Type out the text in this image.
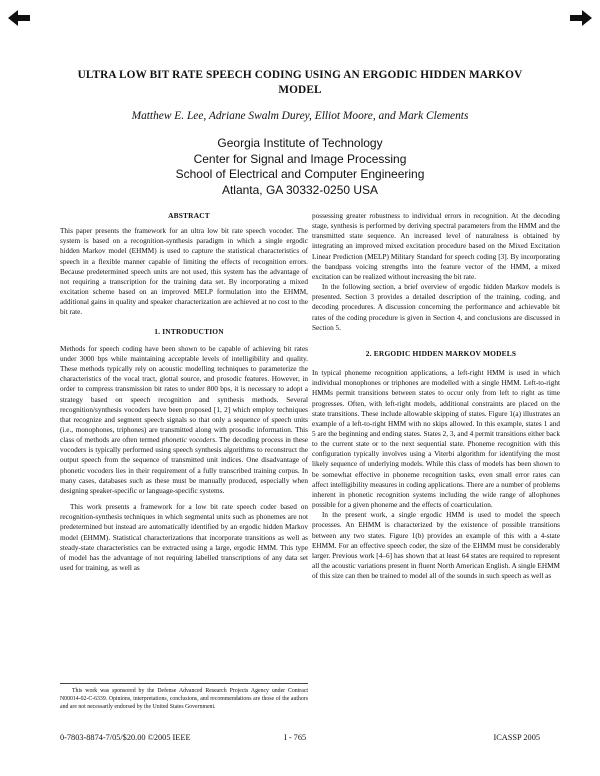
ULTRA LOW BIT RATE SPEECH CODING USING AN ERGODIC HIDDEN MARKOV
MODEL
Matthew E. Lee, Adriane Swalm Durey, Elliot Moore, and Mark Clements
Georgia Institute of Technology
Center for Signal and Image Processing
School of Electrical and Computer Engineering
Atlanta, GA 30332-0250 USA

ABSTRACT

This paper presents the framework for an ultra low bit rate speech vocoder. The system is based on a recognition-synthesis paradigm in which a single ergodic hidden Markov model (EHMM) is used to capture the statistical characteristics of speech in a flexible manner capable of limiting the effects of recognition errors. Because predetermined speech units are not used, this system has the advantage of not requiring a transcription for the training data set. By incorporating a mixed excitation scheme based on an improved MELP formulation into the EHMM, additional gains in quality and speaker characterization are achieved at no cost to the bit rate.

1. INTRODUCTION

Methods for speech coding have been shown to be capable of achieving bit rates under 3000 bps while maintaining acceptable levels of intelligibility and quality. These methods typically rely on acoustic modelling techniques to parameterize the characteristics of the vocal tract, glottal source, and prosodic features. However, in order to compress transmission bit rates to under 800 bps, it is necessary to adopt a strategy based on speech recognition and synthesis methods. Several recognition/synthesis vocoders have been proposed [1, 2] which employ techniques that recognize and segment speech signals so that only a sequence of speech units (i.e., monophones, triphones) are transmitted along with prosodic information. This class of methods are often termed phonetic vocoders. The decoding process in these vocoders is typically performed using speech synthesis algorithms to reconstruct the output speech from the sequence of transmitted unit indices. One disadvantage of phonetic vocoders lies in their requirement of a fully transcribed training corpus. In many cases, databases such as these must be manually produced, especially when designing speaker-specific or language-specific systems.

This work presents a framework for a low bit rate speech coder based on recognition-synthesis techniques in which segmental units such as phonemes are not predetermined but instead are automatically identified by an ergodic hidden Markov model (EHMM). Statistical characterizations that incorporate transitions as well as steady-state characteristics can be extracted using a large, ergodic HMM. This type of model has the advantage of not requiring labelled transcriptions of any data set used for training, as well as

possessing greater robustness to individual errors in recognition. At the decoding stage, synthesis is performed by deriving spectral parameters from the HMM and the transmitted state sequence. An increased level of naturalness is obtained by integrating an improved mixed excitation procedure based on the Mixed Excitation Linear Prediction (MELP) Military Standard for speech coding [3]. By incorporating the bandpass voicing strengths into the feature vector of the HMM, a mixed excitation can be realized without increasing the bit rate.

In the following section, a brief overview of ergodic hidden Markov models is presented. Section 3 provides a detailed description of the training, coding, and decoding procedures. A discussion concerning the performance and achievable bit rates of the coding procedure is given in Section 4, and conclusions are discussed in Section 5.

2. ERGODIC HIDDEN MARKOV MODELS

In typical phoneme recognition applications, a left-right HMM is used in which individual monophones or triphones are modelled with a single HMM. Left-to-right HMMs permit transitions between states to occur only from left to right as time progresses. Often, with left-right models, additional constraints are placed on the state transitions. These include allowable skipping of states. Figure 1(a) illustrates an example of a left-to-right HMM with no skips allowed. In this example, states 1 and 5 are the beginning and ending states. States 2, 3, and 4 permit transitions either back to the current state or to the next sequential state. Phoneme recognition with this configuration typically involves using a Viterbi algorithm for identifying the most likely sequence of underlying models. While this class of models has been shown to be somewhat effective in phoneme recognition tasks, even small error rates can affect intelligibility measures in coding applications. There are a number of problems inherent in phonetic recognition systems including the wide range of allophones possible for a given phoneme and the effects of coarticulation.

In the present work, a single ergodic HMM is used to model the speech processes. An EHMM is characterized by the existence of possible transitions between any two states. Figure 1(b) provides an example of this with a 4-state EHMM. For an effective speech coder, the size of the EHMM must be considerably larger. Previous work [4–6] has shown that at least 64 states are required to represent all the acoustic variations present in fluent North American English. A single EHMM of this size can then be trained to model all of the sounds in such speech as well as

This work was sponsored by the Defense Advanced Research Projects Agency under Contract N00014-02-C-6339. Opinions, interpretations, conclusions, and recommendations are those of the authors and are not necessarily endorsed by the United States Government.
0-7803-8874-7/05/$20.00 ©2005 IEEE	I - 765	ICASSP 2005
